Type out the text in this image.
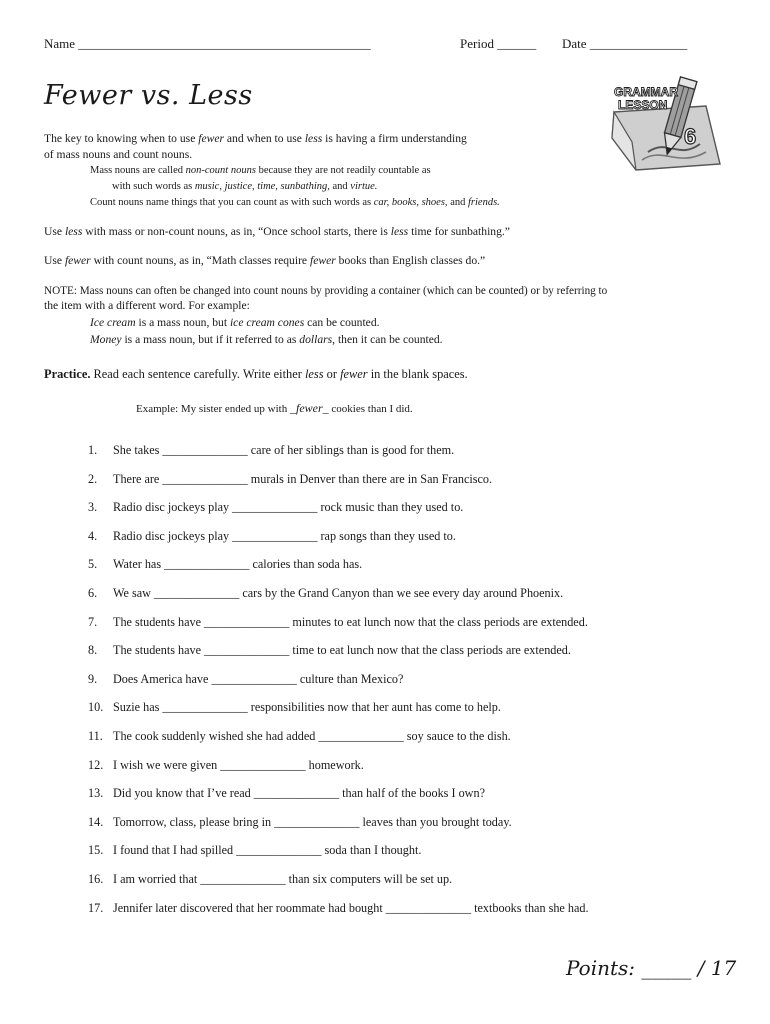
Name _____________________________________________	Period ______ Date _______________
Fewer vs. Less	GRAMMAR
LESSON
6
The key to knowing when to use fewer and when to use less is having a firm understanding
of mass nouns and count nouns.
Mass nouns are called non-count nouns because they are not readily countable as
with such words as music, justice, time, sunbathing, and virtue.
Count nouns name things that you can count as with such words as car, books, shoes, and friends.
Use less with mass or non-count nouns, as in, “Once school starts, there is less time for sunbathing.”
Use fewer with count nouns, as in, “Math classes require fewer books than English classes do.”
NOTE: Mass nouns can often be changed into count nouns by providing a container (which can be counted) or by referring to
the item with a different word. For example:
Ice cream is a mass noun, but ice cream cones can be counted.
Money is a mass noun, but if it referred to as dollars, then it can be counted.
Practice. Read each sentence carefully. Write either less or fewer in the blank spaces.
Example: My sister ended up with _fewer_ cookies than I did.
1. She takes ______________ care of her siblings than is good for them.
2. There are ______________ murals in Denver than there are in San Francisco.
3. Radio disc jockeys play ______________ rock music than they used to.
4. Radio disc jockeys play ______________ rap songs than they used to.
5. Water has ______________ calories than soda has.
6. We saw ______________ cars by the Grand Canyon than we see every day around Phoenix.
7. The students have ______________ minutes to eat lunch now that the class periods are extended.
8. The students have ______________ time to eat lunch now that the class periods are extended.
9. Does America have ______________ culture than Mexico?
10. Suzie has ______________ responsibilities now that her aunt has come to help.
11. The cook suddenly wished she had added ______________ soy sauce to the dish.
12. I wish we were given ______________ homework.
13. Did you know that I’ve read ______________ than half of the books I own?
14. Tomorrow, class, please bring in ______________ leaves than you brought today.
15. I found that I had spilled ______________ soda than I thought.
16. I am worried that ______________ than six computers will be set up.
17. Jennifer later discovered that her roommate had bought ______________ textbooks than she had.
Points: _____ / 17
